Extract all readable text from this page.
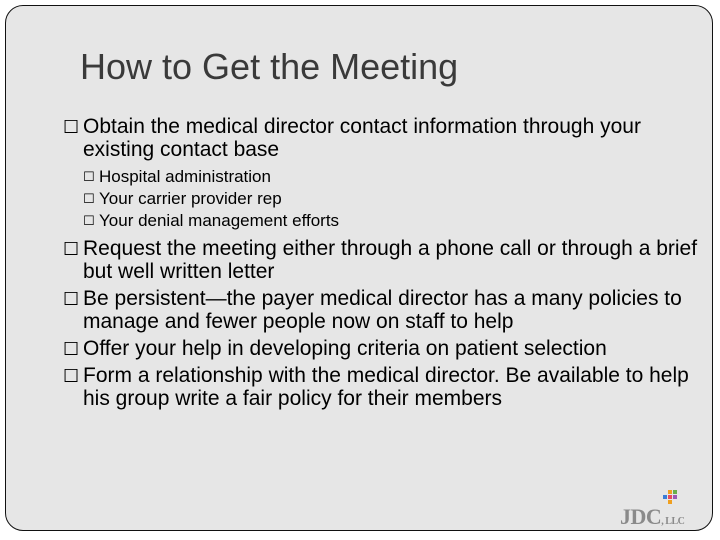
How to Get the Meeting
☐ Obtain the medical director contact information through your existing contact base
☐ Hospital administration
☐ Your carrier provider rep
☐ Your denial management efforts
☐ Request the meeting either through a phone call or through a brief but well written letter
☐ Be persistent—the payer medical director has a many policies to manage and fewer people now on staff to help
☐ Offer your help in developing criteria on patient selection
☐ Form a relationship with the medical director. Be available to help his group write a fair policy for their members
JDC, LLC
